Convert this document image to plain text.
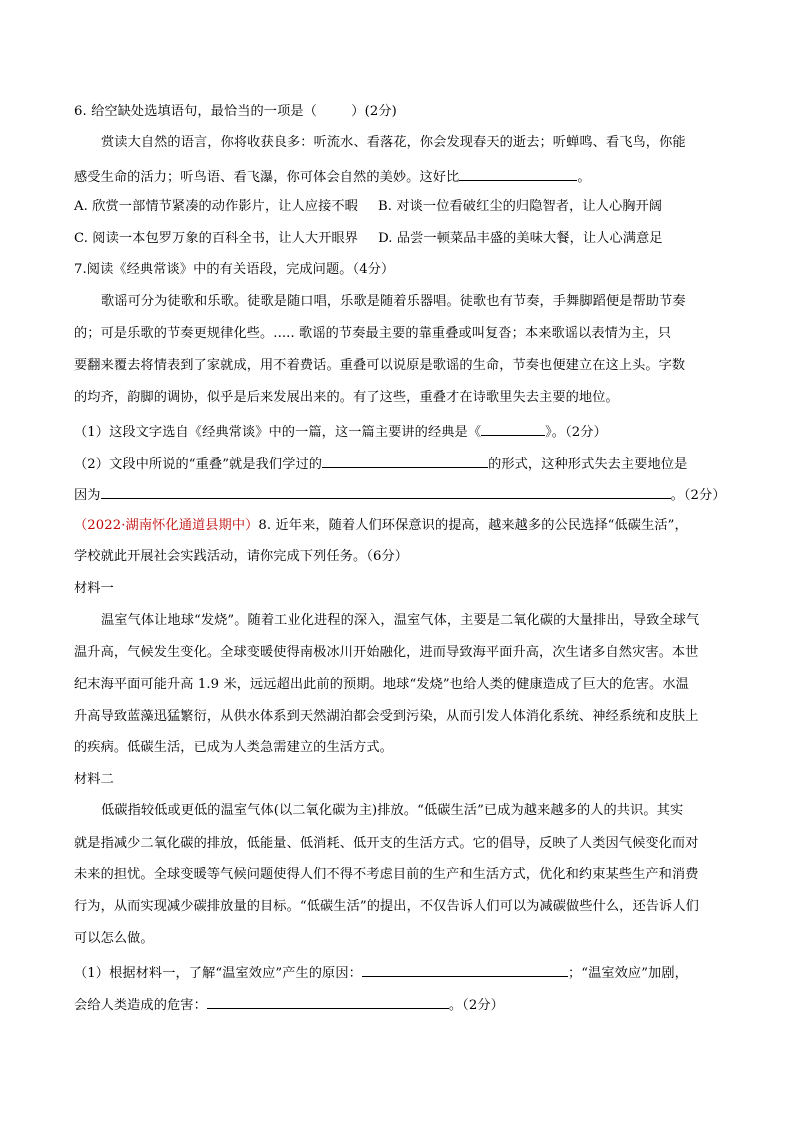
6. 给空缺处选填语句，最恰当的一项是（        ）(2分)
赏读大自然的语言，你将收获良多：听流水、看落花，你会发现春天的逝去；听蝉鸣、看飞鸟，你能
感受生命的活力；听鸟语、看飞瀑，你可体会自然的美妙。这好比	。
A. 欣赏一部情节紧凑的动作影片，让人应接不暇 B. 对谈一位看破红尘的归隐智者，让人心胸开阔
C. 阅读一本包罗万象的百科全书，让人大开眼界 D. 品尝一顿菜品丰盛的美味大餐，让人心满意足
7.阅读《经典常谈》中的有关语段，完成问题。（4分）
歌谣可分为徒歌和乐歌。徒歌是随口唱，乐歌是随着乐器唱。徒歌也有节奏，手舞脚蹈便是帮助节奏
的；可是乐歌的节奏更规律化些。..... 歌谣的节奏最主要的靠重叠或叫复沓；本来歌谣以表情为主，只
要翻来覆去将情表到了家就成，用不着费话。重叠可以说原是歌谣的生命，节奏也便建立在这上头。字数
的均齐，韵脚的调协，似乎是后来发展出来的。有了这些，重叠才在诗歌里失去主要的地位。
（1）这段文字选自《经典常谈》中的一篇，这一篇主要讲的经典是《	》。（2分）
（2）文段中所说的“重叠”就是我们学过的	的形式，这种形式失去主要地位是
因为	。（2分）
（2022·湖南怀化通道县期中）8. 近年来，随着人们环保意识的提高，越来越多的公民选择“低碳生活”，
学校就此开展社会实践活动，请你完成下列任务。（6分）
材料一
温室气体让地球“发烧”。随着工业化进程的深入，温室气体，主要是二氧化碳的大量排出，导致全球气
温升高，气候发生变化。全球变暖使得南极冰川开始融化，进而导致海平面升高，次生诸多自然灾害。本世
纪末海平面可能升高 1.9 米，远远超出此前的预期。地球“发烧”也给人类的健康造成了巨大的危害。水温
升高导致蓝藻迅猛繁衍，从供水体系到天然湖泊都会受到污染，从而引发人体消化系统、神经系统和皮肤上
的疾病。低碳生活，已成为人类急需建立的生活方式。
材料二
低碳指较低或更低的温室气体(以二氧化碳为主)排放。“低碳生活”已成为越来越多的人的共识。其实
就是指减少二氧化碳的排放，低能量、低消耗、低开支的生活方式。它的倡导，反映了人类因气候变化而对
未来的担忧。全球变暖等气候问题使得人们不得不考虑目前的生产和生活方式，优化和约束某些生产和消费
行为，从而实现减少碳排放量的目标。“低碳生活”的提出，不仅告诉人们可以为减碳做些什么，还告诉人们
可以怎么做。
（1）根据材料一，了解“温室效应”产生的原因：	；“温室效应”加剧，
会给人类造成的危害：	。（2分）
